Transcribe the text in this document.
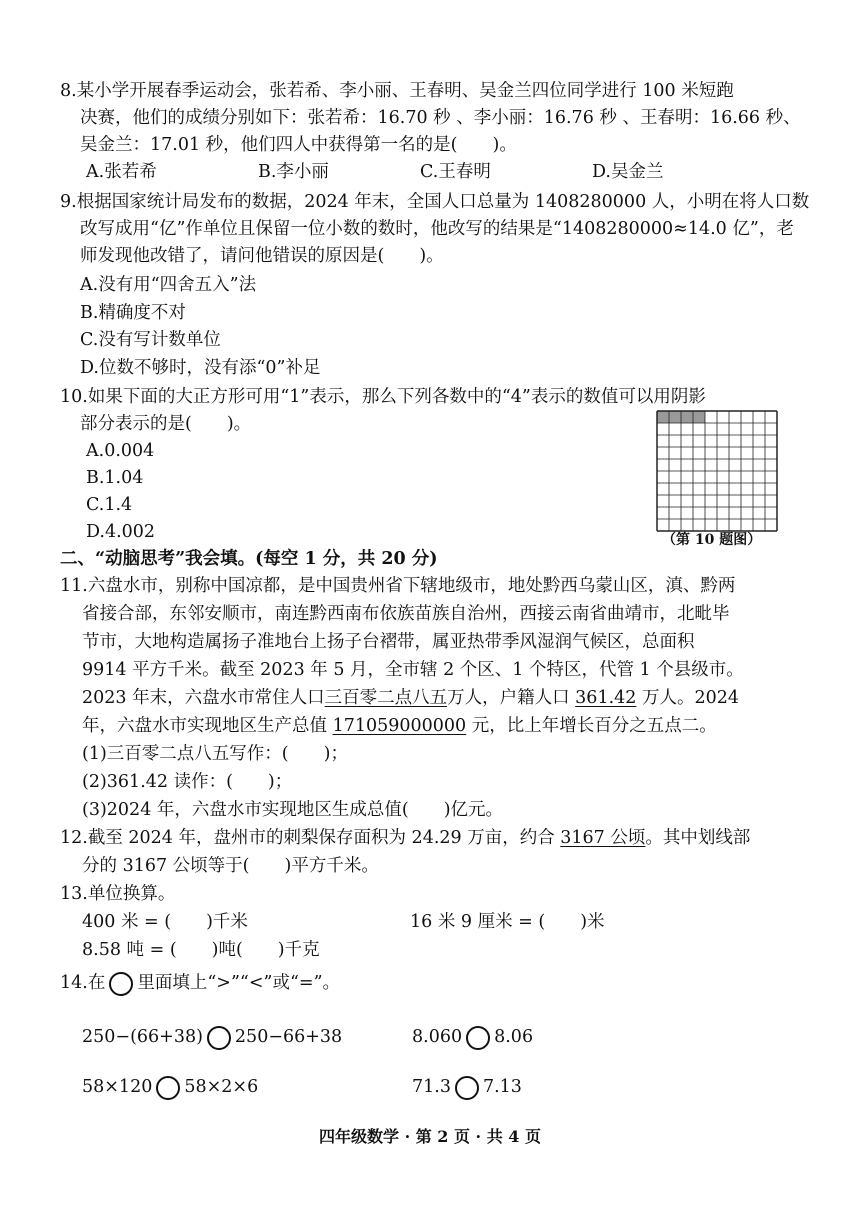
8.某小学开展春季运动会，张若希、李小丽、王春明、吴金兰四位同学进行 100 米短跑
决赛，他们的成绩分别如下：张若希：16.70 秒 、李小丽：16.76 秒 、王春明：16.66 秒、
吴金兰：17.01 秒，他们四人中获得第一名的是(　　)。
A.张若希	B.李小丽	C.王春明	D.吴金兰
9.根据国家统计局发布的数据，2024 年末，全国人口总量为 1408280000 人，小明在将人口数
改写成用“亿”作单位且保留一位小数的数时，他改写的结果是“1408280000≈14.0 亿”，老
师发现他改错了，请问他错误的原因是(　　)。
A.没有用“四舍五入”法
B.精确度不对
C.没有写计数单位
D.位数不够时，没有添“0”补足
10.如果下面的大正方形可用“1”表示，那么下列各数中的“4”表示的数值可以用阴影
部分表示的是(　　)。
A.0.004
B.1.04
C.1.4
D.4.002	（第 10 题图）
二、“动脑思考”我会填。(每空 1 分，共 20 分)
11.六盘水市，别称中国凉都，是中国贵州省下辖地级市，地处黔西乌蒙山区，滇、黔两
省接合部，东邻安顺市，南连黔西南布依族苗族自治州，西接云南省曲靖市，北毗毕
节市，大地构造属扬子准地台上扬子台褶带，属亚热带季风湿润气候区，总面积
9914 平方千米。截至 2023 年 5 月，全市辖 2 个区、1 个特区，代管 1 个县级市。
2023 年末，六盘水市常住人口三百零二点八五万人，户籍人口 361.42 万人。2024
年，六盘水市实现地区生产总值 171059000000 元，比上年增长百分之五点二。
(1)三百零二点八五写作：(　　)；
(2)361.42 读作：(　　)；
(3)2024 年，六盘水市实现地区生成总值(　　)亿元。
12.截至 2024 年，盘州市的刺梨保存面积为 24.29 万亩，约合 3167 公顷。其中划线部
分的 3167 公顷等于(　　)平方千米。
13.单位换算。
400 米 = (　　)千米	16 米 9 厘米 = (　　)米
8.58 吨 = (　　)吨(　　)千克
14.在 里面填上“>”“<”或“=”。
250−(66+38) 250−66+38	8.060 8.06
58×120 58×2×6	71.3 7.13
四年级数学 · 第 2 页 · 共 4 页
